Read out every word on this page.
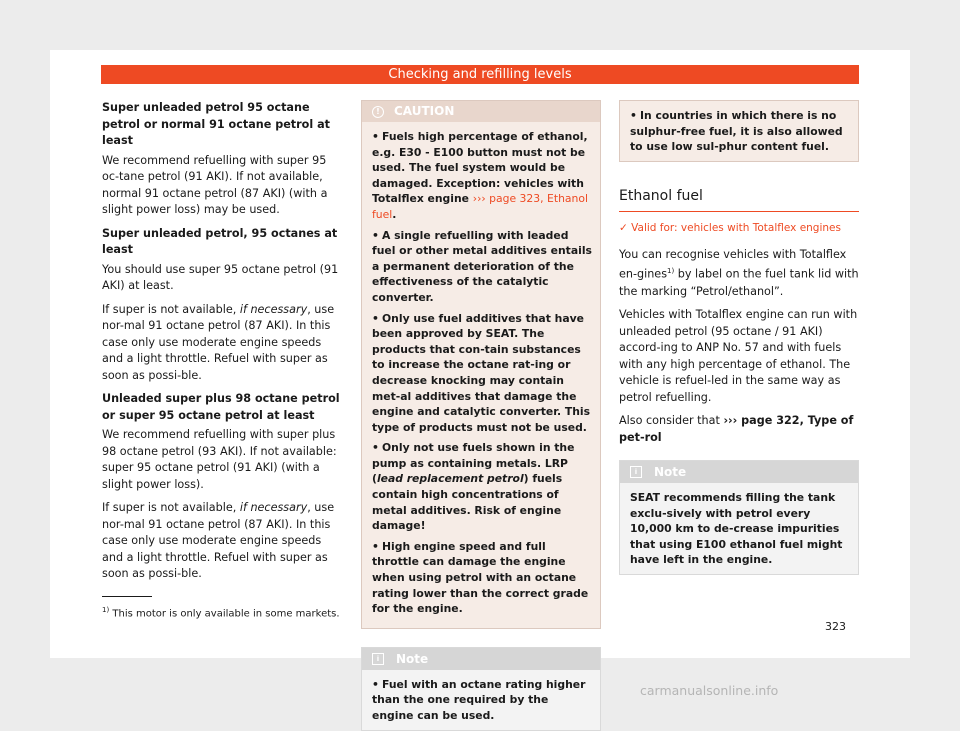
Checking and refilling levels
Super unleaded petrol 95 octane petrol or normal 91 octane petrol at least

We recommend refuelling with super 95 oc-tane petrol (91 AKI). If not available, normal 91 octane petrol (87 AKI) (with a slight power loss) may be used.

Super unleaded petrol, 95 octanes at least

You should use super 95 octane petrol (91 AKI) at least.

If super is not available, if necessary, use nor-mal 91 octane petrol (87 AKI). In this case only use moderate engine speeds and a light throttle. Refuel with super as soon as possi-ble.

Unleaded super plus 98 octane petrol or super 95 octane petrol at least

We recommend refuelling with super plus 98 octane petrol (93 AKI). If not available: super 95 octane petrol (91 AKI) (with a slight power loss).

If super is not available, if necessary, use nor-mal 91 octane petrol (87 AKI). In this case only use moderate engine speeds and a light throttle. Refuel with super as soon as possi-ble.

!	CAUTION
• Fuels high percentage of ethanol, e.g. E30 - E100 button must not be used. The fuel system would be damaged. Exception: vehicles with Totalflex engine ››› page 323, Ethanol fuel.
• A single refuelling with leaded fuel or other metal additives entails a permanent deterioration of the effectiveness of the catalytic converter.
• Only use fuel additives that have been approved by SEAT. The products that con-tain substances to increase the octane rat-ing or decrease knocking may contain met-al additives that damage the engine and catalytic converter. This type of products must not be used.
• Only not use fuels shown in the pump as containing metals. LRP (lead replacement petrol) fuels contain high concentrations of metal additives. Risk of engine damage!
• High engine speed and full throttle can damage the engine when using petrol with an octane rating lower than the correct grade for the engine.
i	Note
• Fuel with an octane rating higher than the one required by the engine can be used.
• In countries in which there is no sulphur-free fuel, it is also allowed to use low sul-phur content fuel.
Ethanol fuel
✓ Valid for: vehicles with Totalflex engines

You can recognise vehicles with Totalflex en-gines$^{1)}$ by label on the fuel tank lid with the marking “Petrol/ethanol”.

Vehicles with Totalflex engine can run with unleaded petrol (95 octane / 91 AKI) accord-ing to ANP No. 57 and with fuels with any high percentage of ethanol. The vehicle is refuel-led in the same way as petrol refuelling.

Also consider that ››› page 322, Type of pet-rol

i	Note
SEAT recommends filling the tank exclu-sively with petrol every 10,000 km to de-crease impurities that using E100 ethanol fuel might have left in the engine.
$^{1)}$ This motor is only available in some markets.
323
carmanualsonline.info
